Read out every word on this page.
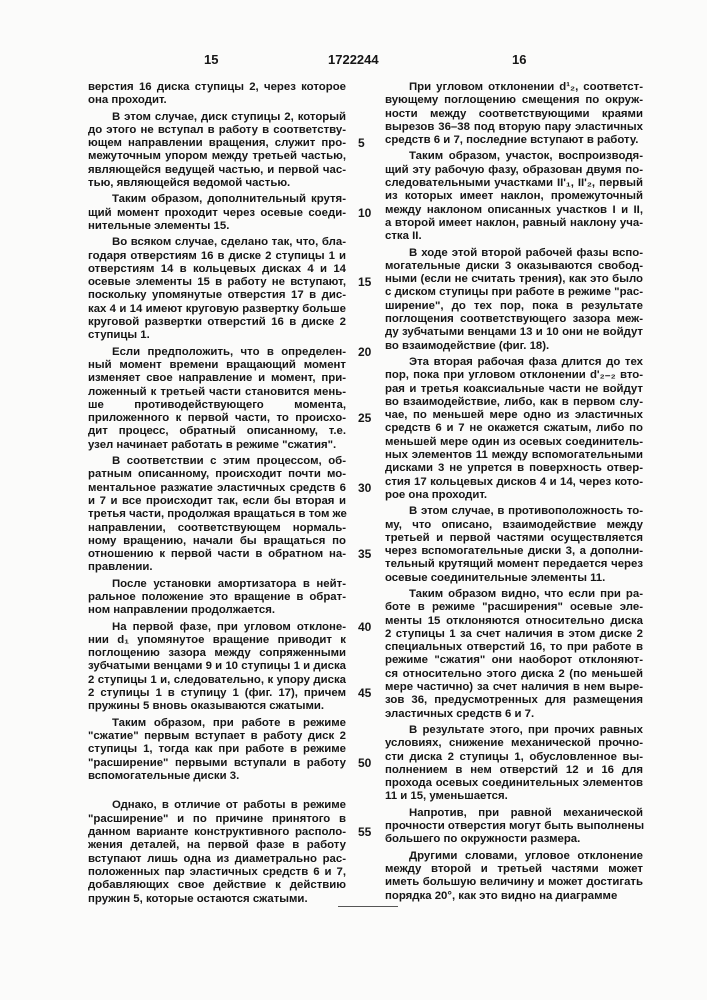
15	1722244	16
верстия 16 диска ступицы 2, через которое
она проходит.
В этом случае, диск ступицы 2, который
до этого не вступал в работу в соответству-
ющем направлении вращения, служит про- 5
межуточным упором между третьей частью,
являющейся ведущей частью, и первой час-
тью, являющейся ведомой частью.
Таким образом, дополнительный крутя-
щий момент проходит через осевые соеди- 10
нительные элементы 15.
Во всяком случае, сделано так, что, бла-
годаря отверстиям 16 в диске 2 ступицы 1 и
отверстиям 14 в кольцевых дисках 4 и 14
осевые элементы 15 в работу не вступают, 15
поскольку упомянутые отверстия 17 в дис-
ках 4 и 14 имеют круговую развертку больше
круговой развертки отверстий 16 в диске 2
ступицы 1.
Если предположить, что в определен- 20
ный момент времени вращающий момент
изменяет свое направление и момент, при-
ложенный к третьей части становится мень-
ше противодействующего момента,
приложенного к первой части, то происхо- 25
дит процесс, обратный описанному, т.е.
узел начинает работать в режиме "сжатия".
В соответствии с этим процессом, об-
ратным описанному, происходит почти мо-
ментальное разжатие эластичных средств 6 30
и 7 и все происходит так, если бы вторая и
третья части, продолжая вращаться в том же
направлении, соответствующем нормаль-
ному вращению, начали бы вращаться по
отношению к первой части в обратном на- 35
правлении.
После установки амортизатора в нейт-
ральное положение это вращение в обрат-
ном направлении продолжается.
На первой фазе, при угловом отклоне- 40
нии d₁ упомянутое вращение приводит к
поглощению зазора между сопряженными
зубчатыми венцами 9 и 10 ступицы 1 и диска
2 ступицы 1 и, следовательно, к упору диска
2 ступицы 1 в ступицу 1 (фиг. 17), причем 45
пружины 5 вновь оказываются сжатыми.
Таким образом, при работе в режиме
"сжатие" первым вступает в работу диск 2
ступицы 1, тогда как при работе в режиме
"расширение" первыми вступали в работу 50
вспомогательные диски 3.
Однако, в отличие от работы в режиме
"расширение" и по причине принятого в
данном варианте конструктивного располо- 55
жения деталей, на первой фазе в работу
вступают лишь одна из диаметрально рас-
положенных пар эластичных средств 6 и 7,
добавляющих свое действие к действию
пружин 5, которые остаются сжатыми.
При угловом отклонении d¹₂, соответст-
вующему поглощению смещения по окруж-
ности между соответствующими краями
вырезов 36–38 под вторую пару эластичных
средств 6 и 7, последние вступают в работу.
Таким образом, участок, воспроизводя-
щий эту рабочую фазу, образован двумя по-
следовательными участками II'₁, II'₂, первый
из которых имеет наклон, промежуточный
между наклоном описанных участков I и II,
а второй имеет наклон, равный наклону уча-
стка II.
В ходе этой второй рабочей фазы вспо-
могательные диски 3 оказываются свобод-
ными (если не считать трения), как это было
с диском ступицы при работе в режиме "рас-
ширение", до тех пор, пока в результате
поглощения соответствующего зазора меж-
ду зубчатыми венцами 13 и 10 они не войдут
во взаимодействие (фиг. 18).
Эта вторая рабочая фаза длится до тех
пор, пока при угловом отклонении d'₂₋₂ вто-
рая и третья коаксиальные части не войдут
во взаимодействие, либо, как в первом слу-
чае, по меньшей мере одно из эластичных
средств 6 и 7 не окажется сжатым, либо по
меньшей мере один из осевых соединитель-
ных элементов 11 между вспомогательными
дисками 3 не упрется в поверхность отвер-
стия 17 кольцевых дисков 4 и 14, через кото-
рое она проходит.
В этом случае, в противоположность то-
му, что описано, взаимодействие между
третьей и первой частями осуществляется
через вспомогательные диски 3, а дополни-
тельный крутящий момент передается через
осевые соединительные элементы 11.
Таким образом видно, что если при ра-
боте в режиме "расширения" осевые эле-
менты 15 отклоняются относительно диска
2 ступицы 1 за счет наличия в этом диске 2
специальных отверстий 16, то при работе в
режиме "сжатия" они наоборот отклоняют-
ся относительно этого диска 2 (по меньшей
мере частично) за счет наличия в нем выре-
зов 36, предусмотренных для размещения
эластичных средств 6 и 7.
В результате этого, при прочих равных
условиях, снижение механической прочно-
сти диска 2 ступицы 1, обусловленное вы-
полнением в нем отверстий 12 и 16 для
прохода осевых соединительных элементов
11 и 15, уменьшается.
Напротив, при равной механической
прочности отверстия могут быть выполнены
большего по окружности размера.
Другими словами, угловое отклонение
между второй и третьей частями может
иметь большую величину и может достигать
порядка 20°, как это видно на диаграмме
